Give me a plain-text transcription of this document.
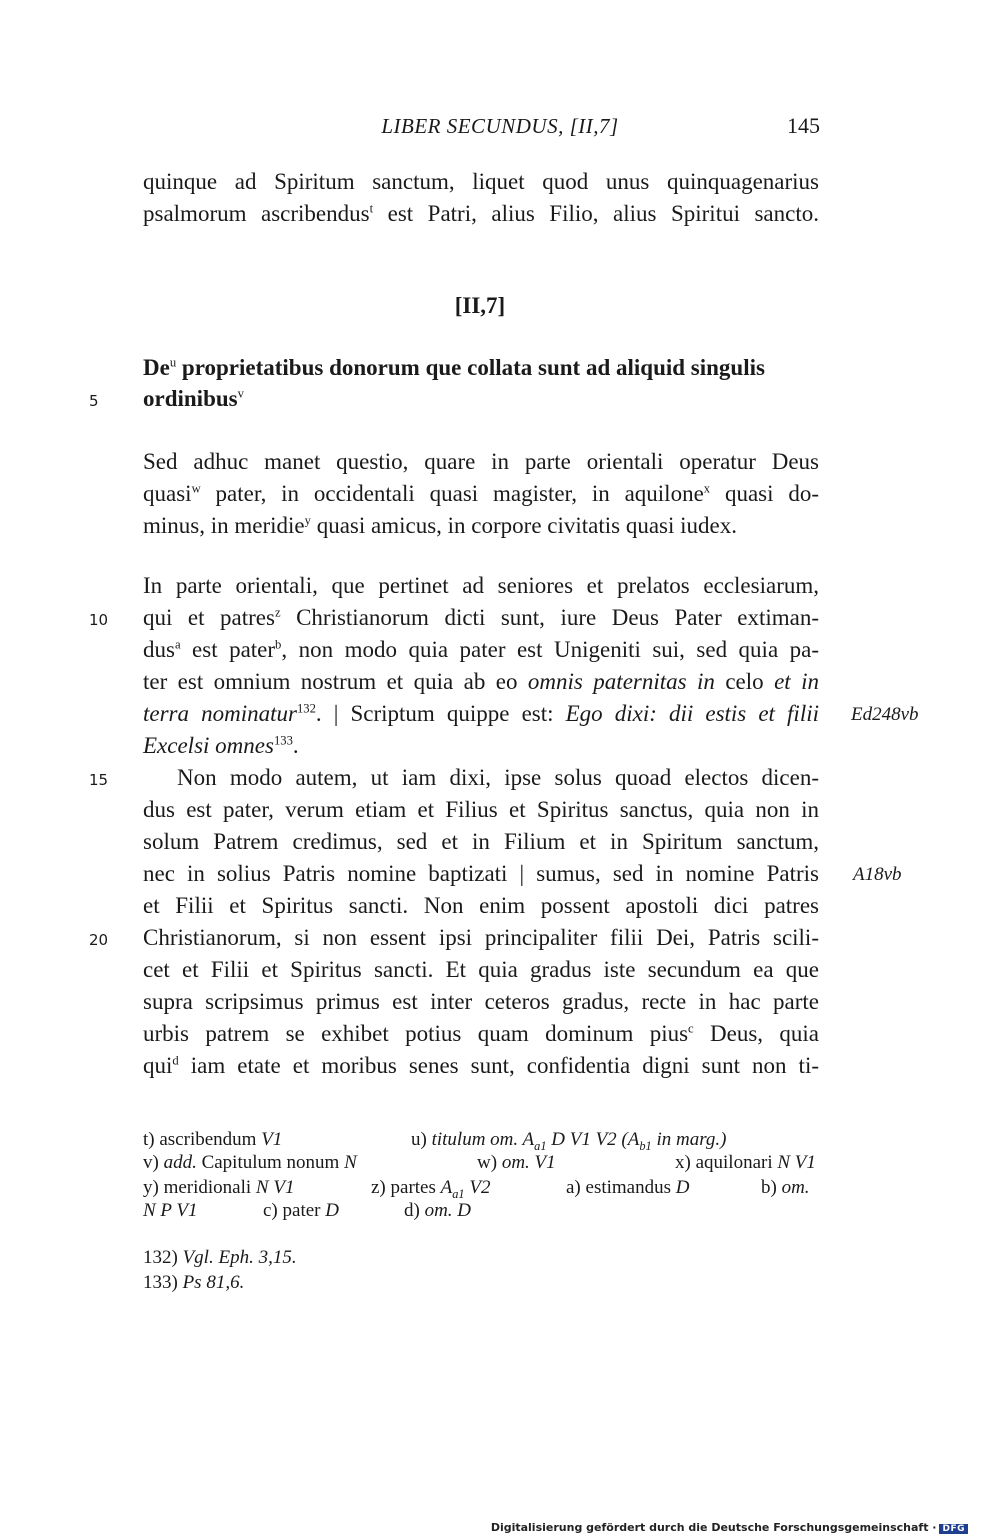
LIBER SECUNDUS, [II,7]	145
quinque ad Spiritum sanctum, liquet quod unus quinquagenarius
psalmorum ascribendus$^t$ est Patri, alius Filio, alius Spiritui sancto.
[II,7]
De$^u$ proprietatibus donorum que collata sunt ad aliquid singulis
ordinibus$^v$
Sed adhuc manet questio, quare in parte orientali operatur Deus
quasi$^w$ pater, in occidentali quasi magister, in aquilone$^x$ quasi do-
minus, in meridie$^y$ quasi amicus, in corpore civitatis quasi iudex.
In parte orientali, que pertinet ad seniores et prelatos ecclesiarum,
qui et patres$^z$ Christianorum dicti sunt, iure Deus Pater extiman-
dus$^a$ est pater$^b$, non modo quia pater est Unigeniti sui, sed quia pa-
ter est omnium nostrum et quia ab eo omnis paternitas in celo et in
terra nominatur$^{132}$. | Scriptum quippe est: Ego dixi: dii estis et filii
Excelsi omnes$^{133}$.
Non modo autem, ut iam dixi, ipse solus quoad electos dicen-
dus est pater, verum etiam et Filius et Spiritus sanctus, quia non in
solum Patrem credimus, sed et in Filium et in Spiritum sanctum,
nec in solius Patris nomine baptizati | sumus, sed in nomine Patris
et Filii et Spiritus sancti. Non enim possent apostoli dici patres
Christianorum, si non essent ipsi principaliter filii Dei, Patris scili-
cet et Filii et Spiritus sancti. Et quia gradus iste secundum ea que
supra scripsimus primus est inter ceteros gradus, recte in hac parte
urbis patrem se exhibet potius quam dominum pius$^c$ Deus, quia
qui$^d$ iam etate et moribus senes sunt, confidentia digni sunt non ti-
5
10
15
20
Ed248vb
A18vb
t) ascribendum V1	u) titulum om. $A_{a1}$ D V1 V2 ($A_{b1}$ in marg.)
v) add. Capitulum nonum N	w) om. V1	x) aquilonari N V1
y) meridionali N V1	z) partes $A_{a1}$ V2	a) estimandus D	b) om.
N P V1	c) pater D	d) om. D
132) Vgl. Eph. 3,15.
133) Ps 81,6.
Digitalisierung gefördert durch die Deutsche Forschungsgemeinschaft · DFG
